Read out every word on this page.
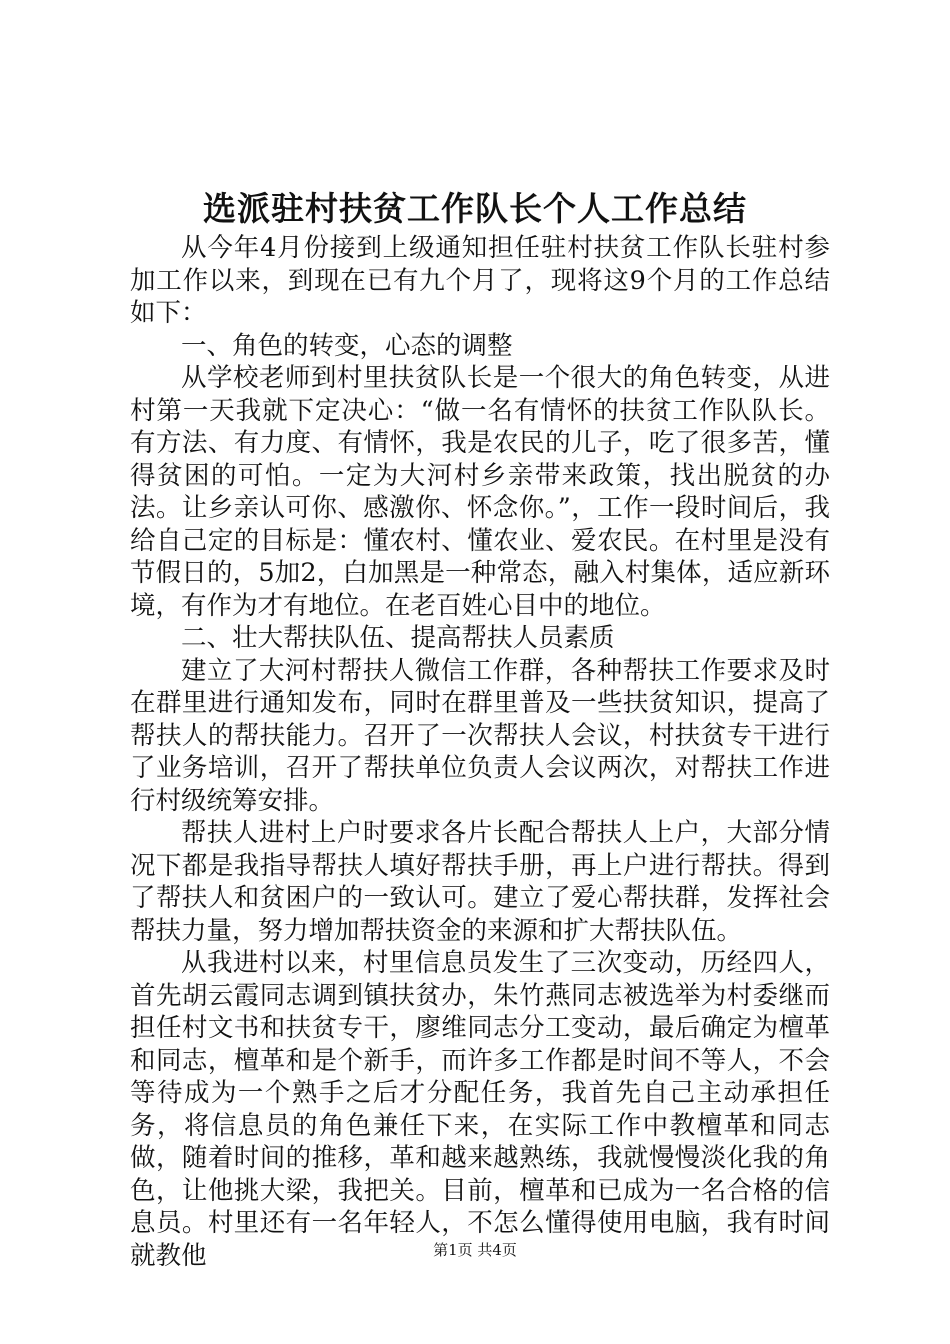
选派驻村扶贫工作队长个人工作总结

从今年4月份接到上级通知担任驻村扶贫工作队长驻村参加工作以来，到现在已有九个月了，现将这9个月的工作总结如下：

一、角色的转变，心态的调整

从学校老师到村里扶贫队长是一个很大的角色转变，从进村第一天我就下定决心：“做一名有情怀的扶贫工作队队长。有方法、有力度、有情怀，我是农民的儿子，吃了很多苦，懂得贫困的可怕。一定为大河村乡亲带来政策，找出脱贫的办法。让乡亲认可你、感激你、怀念你。”，工作一段时间后，我给自己定的目标是：懂农村、懂农业、爱农民。在村里是没有节假日的，5加2，白加黑是一种常态，融入村集体，适应新环境，有作为才有地位。在老百姓心目中的地位。

二、壮大帮扶队伍、提高帮扶人员素质

建立了大河村帮扶人微信工作群，各种帮扶工作要求及时在群里进行通知发布，同时在群里普及一些扶贫知识，提高了帮扶人的帮扶能力。召开了一次帮扶人会议，村扶贫专干进行了业务培训，召开了帮扶单位负责人会议两次，对帮扶工作进行村级统筹安排。

帮扶人进村上户时要求各片长配合帮扶人上户，大部分情况下都是我指导帮扶人填好帮扶手册，再上户进行帮扶。得到了帮扶人和贫困户的一致认可。建立了爱心帮扶群，发挥社会帮扶力量，努力增加帮扶资金的来源和扩大帮扶队伍。

从我进村以来，村里信息员发生了三次变动，历经四人，首先胡云霞同志调到镇扶贫办，朱竹燕同志被选举为村委继而担任村文书和扶贫专干，廖维同志分工变动，最后确定为檀革和同志，檀革和是个新手，而许多工作都是时间不等人，不会等待成为一个熟手之后才分配任务，我首先自己主动承担任务，将信息员的角色兼任下来，在实际工作中教檀革和同志做，随着时间的推移，革和越来越熟练，我就慢慢淡化我的角色，让他挑大梁，我把关。目前，檀革和已成为一名合格的信息员。村里还有一名年轻人，不怎么懂得使用电脑，我有时间就教他	第1页 共4页
